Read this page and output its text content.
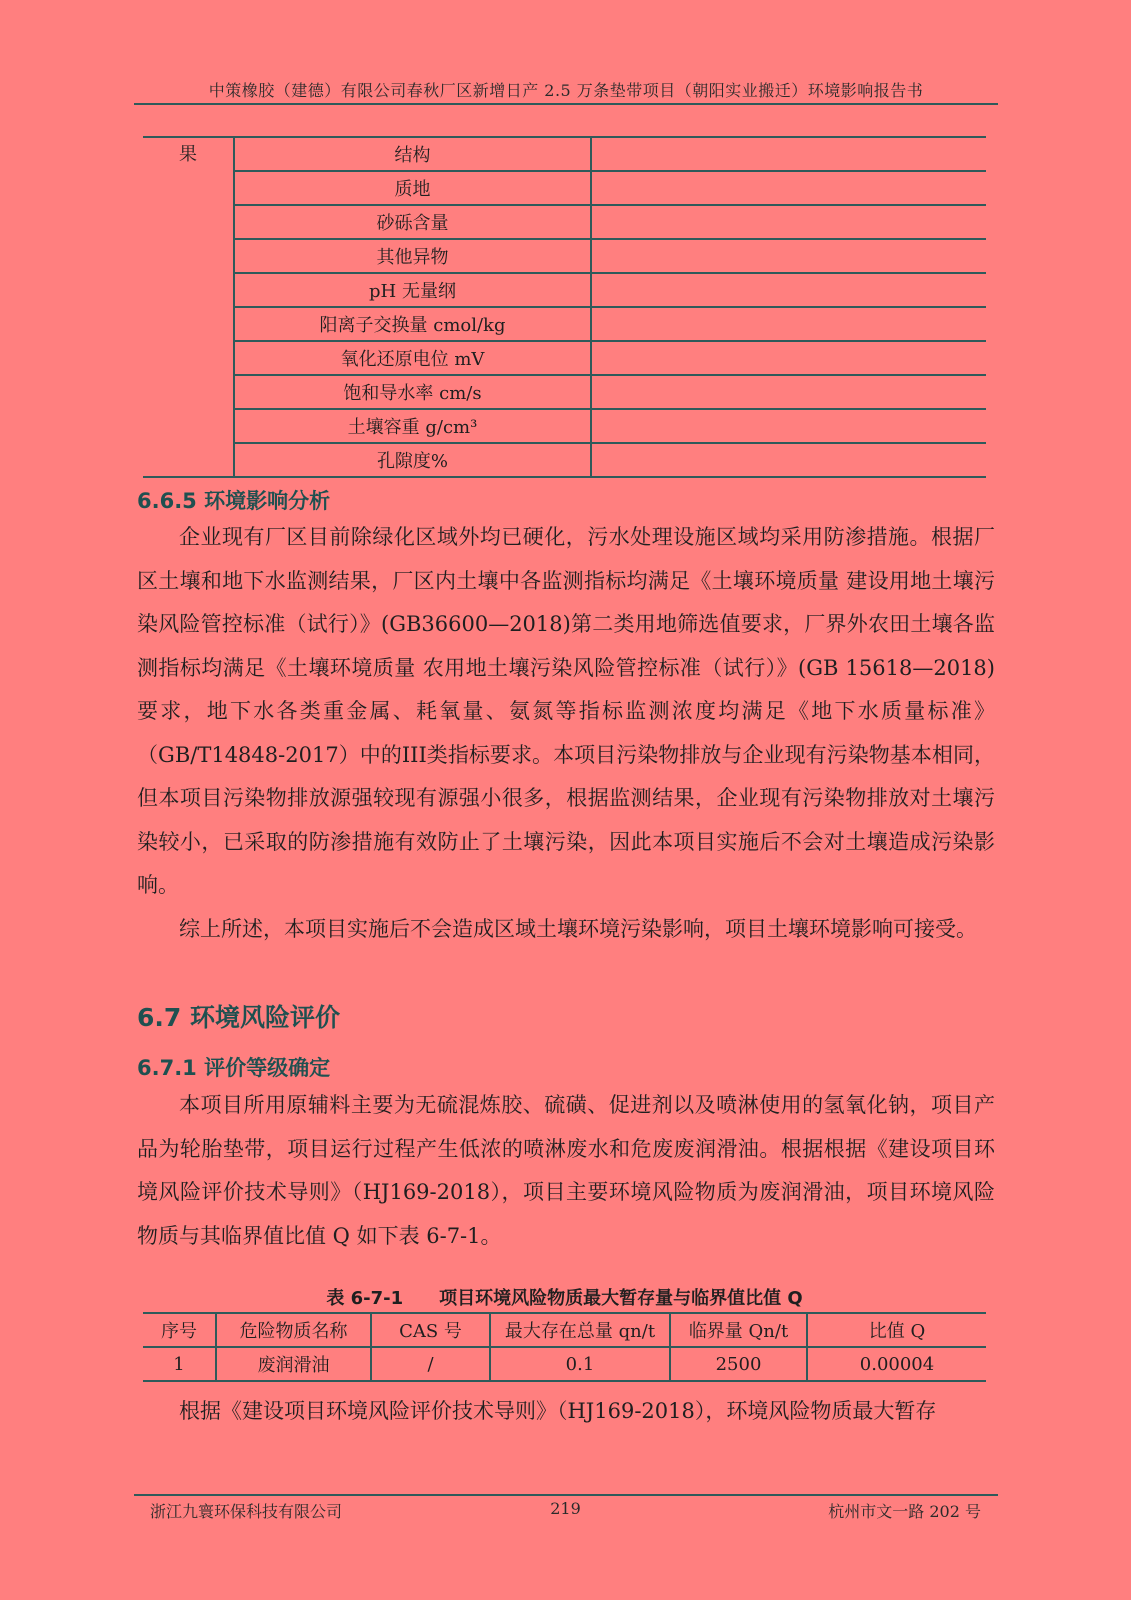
中策橡胶（建德）有限公司春秋厂区新增日产 2.5 万条垫带项目（朝阳实业搬迁）环境影响报告书
果	结构	
	质地	
	砂砾含量	
	其他异物	
	pH 无量纲	
	阳离子交换量 cmol/kg	
	氧化还原电位 mV	
	饱和导水率 cm/s	
	土壤容重 g/cm³	
	孔隙度%	
6.6.5 环境影响分析

企业现有厂区目前除绿化区域外均已硬化，污水处理设施区域均采用防渗措施。根据厂区土壤和地下水监测结果，厂区内土壤中各监测指标均满足《土壤环境质量 建设用地土壤污染风险管控标准（试行）》(GB36600—2018)第二类用地筛选值要求，厂界外农田土壤各监测指标均满足《土壤环境质量 农用地土壤污染风险管控标准（试行）》(GB 15618—2018)要求，地下水各类重金属、耗氧量、氨氮等指标监测浓度均满足《地下水质量标准》（GB/T14848-2017）中的III类指标要求。本项目污染物排放与企业现有污染物基本相同，但本项目污染物排放源强较现有源强小很多，根据监测结果，企业现有污染物排放对土壤污染较小，已采取的防渗措施有效防止了土壤污染，因此本项目实施后不会对土壤造成污染影响。

综上所述，本项目实施后不会造成区域土壤环境污染影响，项目土壤环境影响可接受。

6.7 环境风险评价
6.7.1 评价等级确定

本项目所用原辅料主要为无硫混炼胶、硫磺、促进剂以及喷淋使用的氢氧化钠，项目产品为轮胎垫带，项目运行过程产生低浓的喷淋废水和危废废润滑油。根据根据《建设项目环境风险评价技术导则》（HJ169-2018），项目主要环境风险物质为废润滑油，项目环境风险物质与其临界值比值 Q 如下表 6-7-1。

表 6-7-1　　项目环境风险物质最大暂存量与临界值比值 Q
序号	危险物质名称	CAS 号	最大存在总量 qn/t	临界量 Qn/t	比值 Q
1	废润滑油	/	0.1	2500	0.00004

根据《建设项目环境风险评价技术导则》（HJ169-2018），环境风险物质最大暂存

219
浙江九寰环保科技有限公司	杭州市文一路 202 号
